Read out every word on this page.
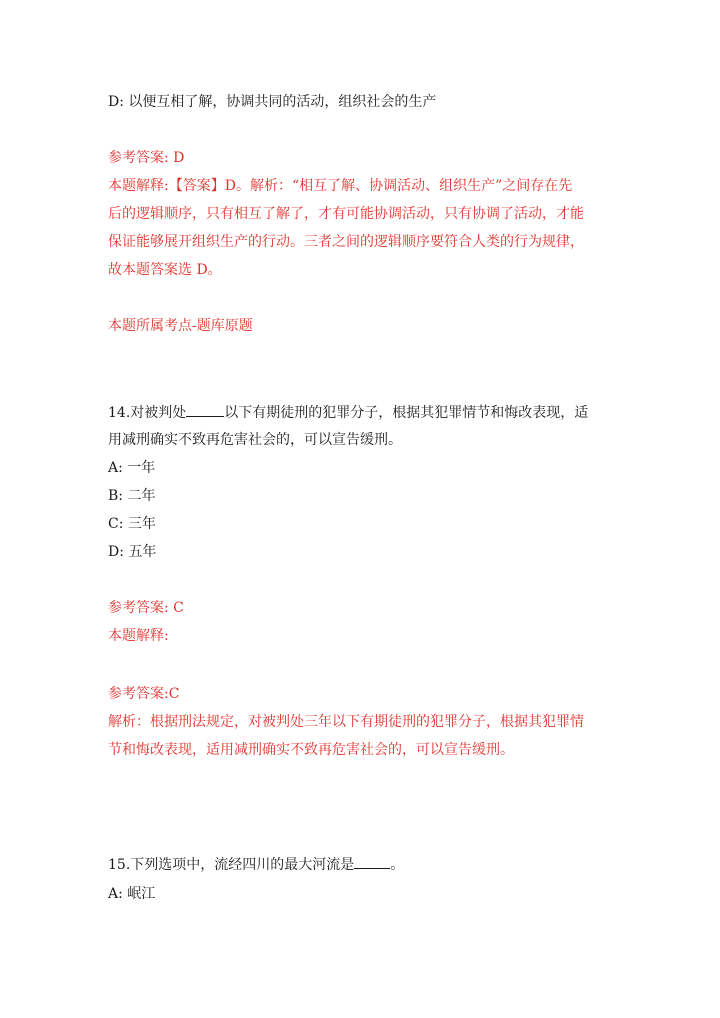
D: 以便互相了解，协调共同的活动，组织社会的生产
参考答案: D
本题解释:【答案】D。解析：“相互了解、协调活动、组织生产”之间存在先
后的逻辑顺序，只有相互了解了，才有可能协调活动，只有协调了活动，才能
保证能够展开组织生产的行动。三者之间的逻辑顺序要符合人类的行为规律，
故本题答案选 D。
本题所属考点-题库原题
14.对被判处	以下有期徒刑的犯罪分子，根据其犯罪情节和悔改表现，适
用减刑确实不致再危害社会的，可以宣告缓刑。
A: 一年
B: 二年
C: 三年
D: 五年
参考答案: C
本题解释:
参考答案:C
解析：根据刑法规定，对被判处三年以下有期徒刑的犯罪分子，根据其犯罪情
节和悔改表现，适用减刑确实不致再危害社会的，可以宣告缓刑。
15.下列选项中，流经四川的最大河流是	。
A: 岷江
